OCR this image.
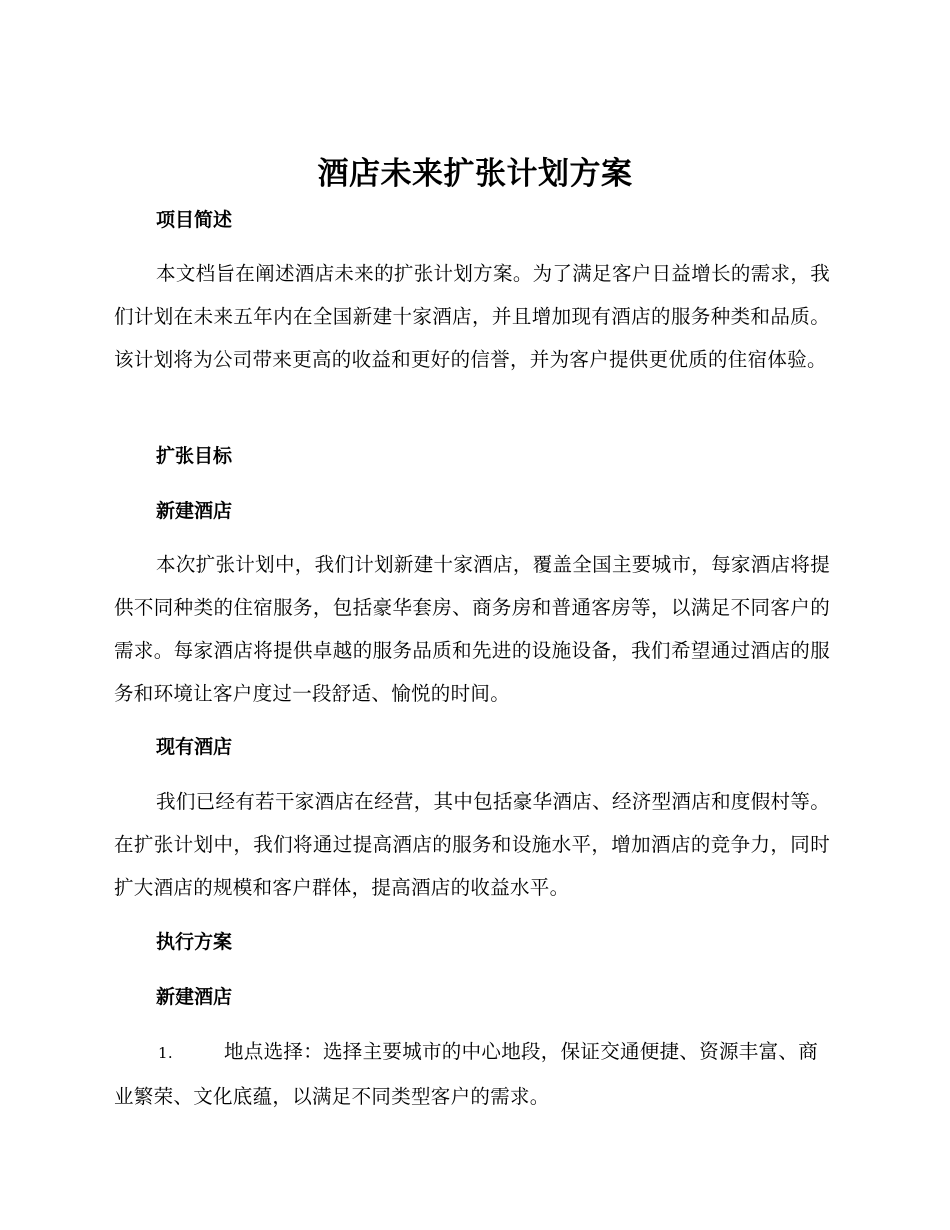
酒店未来扩张计划方案
项目简述

本文档旨在阐述酒店未来的扩张计划方案。为了满足客户日益增长的需求，我们计划在未来五年内在全国新建十家酒店，并且增加现有酒店的服务种类和品质。该计划将为公司带来更高的收益和更好的信誉，并为客户提供更优质的住宿体验。

扩张目标
新建酒店

本次扩张计划中，我们计划新建十家酒店，覆盖全国主要城市，每家酒店将提供不同种类的住宿服务，包括豪华套房、商务房和普通客房等，以满足不同客户的需求。每家酒店将提供卓越的服务品质和先进的设施设备，我们希望通过酒店的服务和环境让客户度过一段舒适、愉悦的时间。

现有酒店

我们已经有若干家酒店在经营，其中包括豪华酒店、经济型酒店和度假村等。在扩张计划中，我们将通过提高酒店的服务和设施水平，增加酒店的竞争力，同时扩大酒店的规模和客户群体，提高酒店的收益水平。

执行方案
新建酒店

1.	地点选择：选择主要城市的中心地段，保证交通便捷、资源丰富、商业繁荣、文化底蕴，以满足不同类型客户的需求。
